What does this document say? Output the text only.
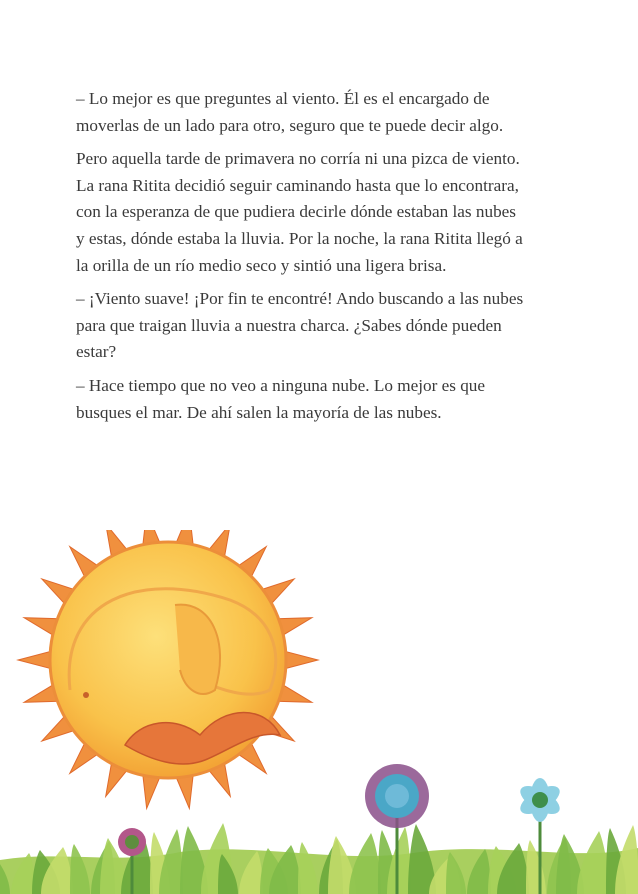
– Lo mejor es que preguntes al viento. Él es el encargado de moverlas de un lado para otro, seguro que te puede decir algo.

Pero aquella tarde de primavera no corría ni una pizca de viento. La rana Ritita decidió seguir caminando hasta que lo encontrara, con la esperanza de que pudiera decirle dónde estaban las nubes y estas, dónde estaba la lluvia. Por la noche, la rana Ritita llegó a la orilla de un río medio seco y sintió una ligera brisa.

– ¡Viento suave! ¡Por fin te encontré! Ando buscando a las nubes para que traigan lluvia a nuestra charca. ¿Sabes dónde pueden estar?

– Hace tiempo que no veo a ninguna nube. Lo mejor es que busques el mar. De ahí salen la mayoría de las nubes.
